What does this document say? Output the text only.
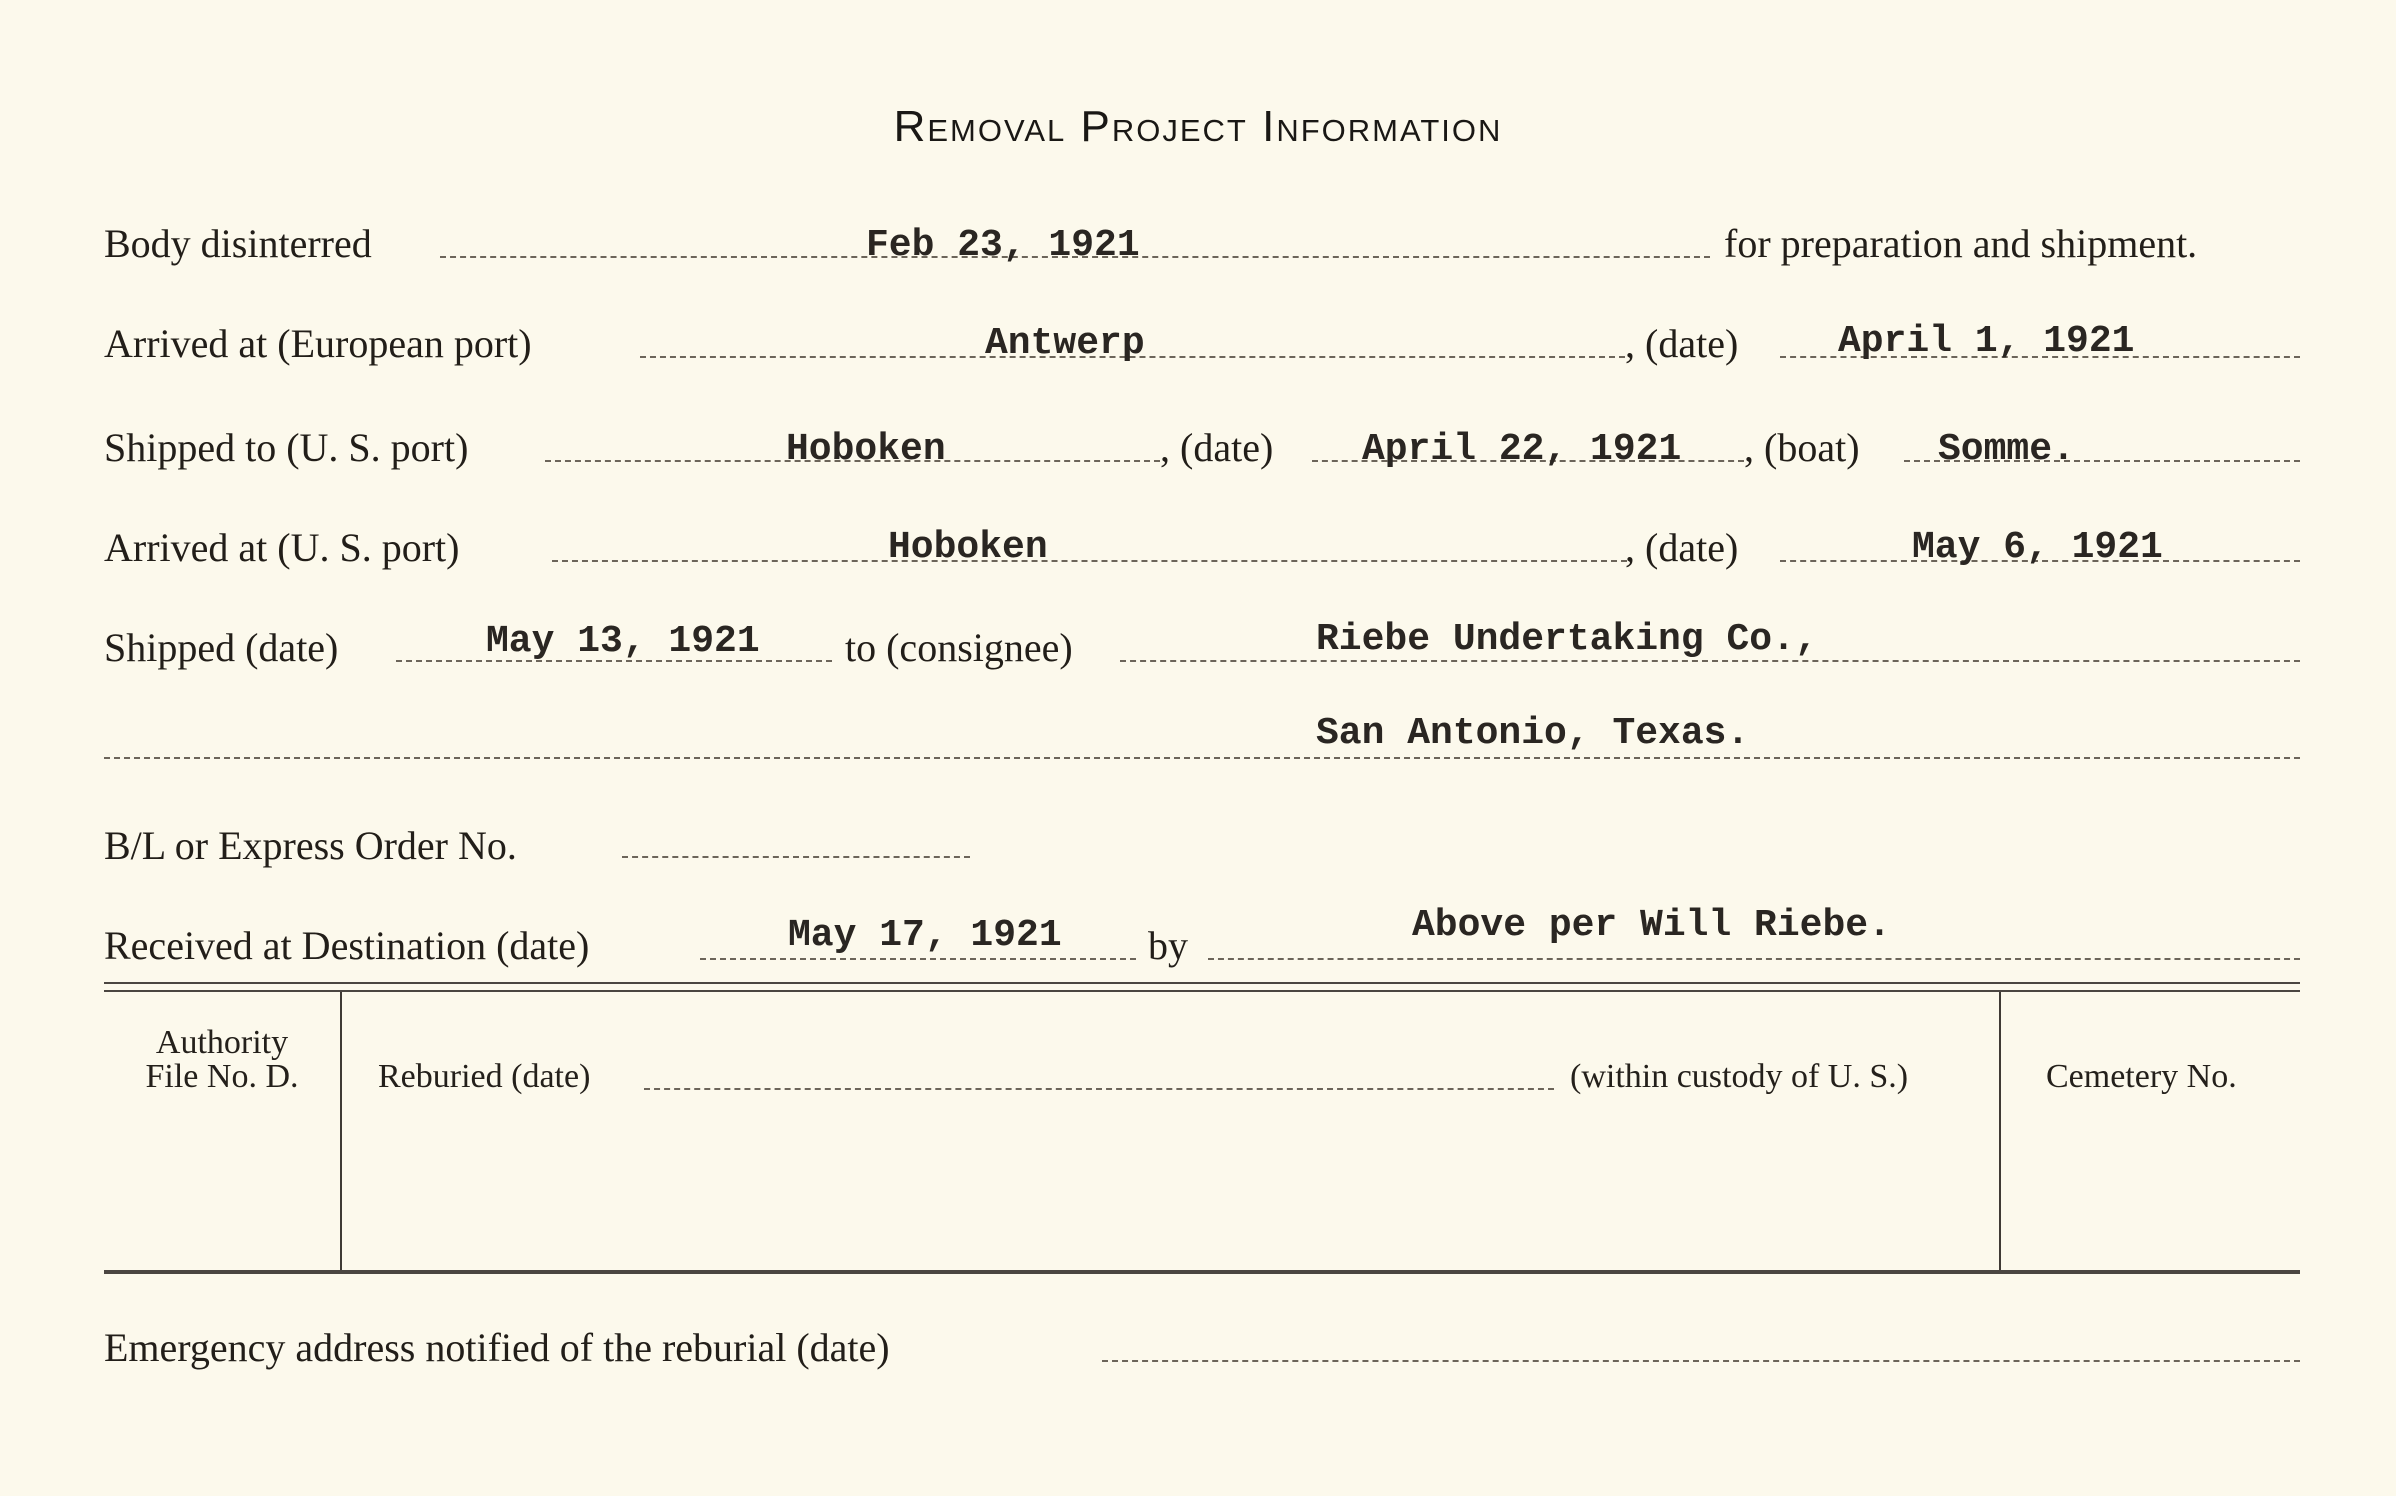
Removal Project Information
Body disinterred	Feb 23, 1921	for preparation and shipment.
Arrived at (European port)	Antwerp	, (date)	April 1, 1921
Shipped to (U. S. port)	Hoboken	, (date) April 22, 1921 , (boat) Somme.
Arrived at (U. S. port)	Hoboken	, (date)	May 6, 1921
Shipped (date)	May 13, 1921 to (consignee)	Riebe Undertaking Co.,
San Antonio, Texas.
B/L or Express Order No.
Received at Destination (date)	May 17, 1921 by	Above per Will Riebe.
Authority
File No. D.	Reburied (date)	(within custody of U. S.)	Cemetery No.
Emergency address notified of the reburial (date)
